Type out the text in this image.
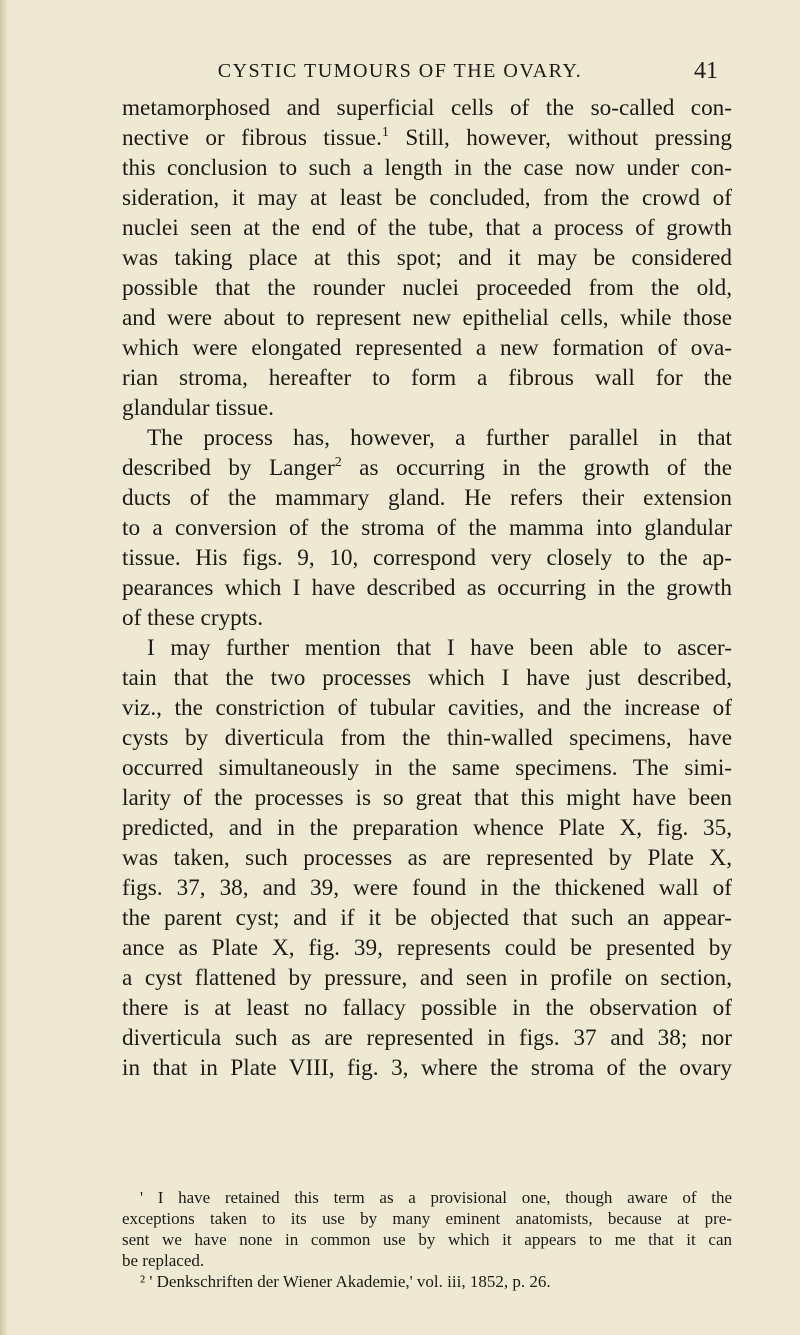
CYSTIC TUMOURS OF THE OVARY.	41
metamorphosed and superficial cells of the so-called con-
nective or fibrous tissue.$^1$ Still, however, without pressing
this conclusion to such a length in the case now under con-
sideration, it may at least be concluded, from the crowd of
nuclei seen at the end of the tube, that a process of growth
was taking place at this spot; and it may be considered
possible that the rounder nuclei proceeded from the old,
and were about to represent new epithelial cells, while those
which were elongated represented a new formation of ova-
rian stroma, hereafter to form a fibrous wall for the
glandular tissue.
The process has, however, a further parallel in that
described by Langer$^2$ as occurring in the growth of the
ducts of the mammary gland. He refers their extension
to a conversion of the stroma of the mamma into glandular
tissue. His figs. 9, 10, correspond very closely to the ap-
pearances which I have described as occurring in the growth
of these crypts.
I may further mention that I have been able to ascer-
tain that the two processes which I have just described,
viz., the constriction of tubular cavities, and the increase of
cysts by diverticula from the thin-walled specimens, have
occurred simultaneously in the same specimens. The simi-
larity of the processes is so great that this might have been
predicted, and in the preparation whence Plate X, fig. 35,
was taken, such processes as are represented by Plate X,
figs. 37, 38, and 39, were found in the thickened wall of
the parent cyst; and if it be objected that such an appear-
ance as Plate X, fig. 39, represents could be presented by
a cyst flattened by pressure, and seen in profile on section,
there is at least no fallacy possible in the observation of
diverticula such as are represented in figs. 37 and 38; nor
in that in Plate VIII, fig. 3, where the stroma of the ovary
' I have retained this term as a provisional one, though aware of the
exceptions taken to its use by many eminent anatomists, because at pre-
sent we have none in common use by which it appears to me that it can
be replaced.
² ' Denkschriften der Wiener Akademie,' vol. iii, 1852, p. 26.
